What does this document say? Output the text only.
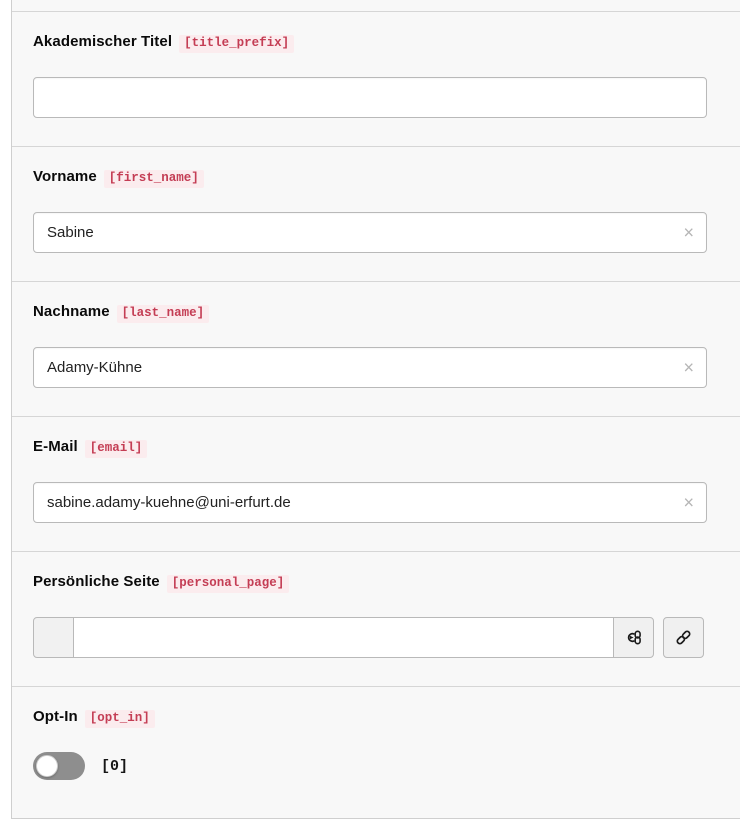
Akademischer Titel [title_prefix]
Vorname [first_name]
Sabine
×
Nachname [last_name]
Adamy-Kühne
×
E-Mail [email]
sabine.adamy-kuehne@uni-erfurt.de
×
Persönliche Seite [personal_page]
Opt-In [opt_in]
[0]
